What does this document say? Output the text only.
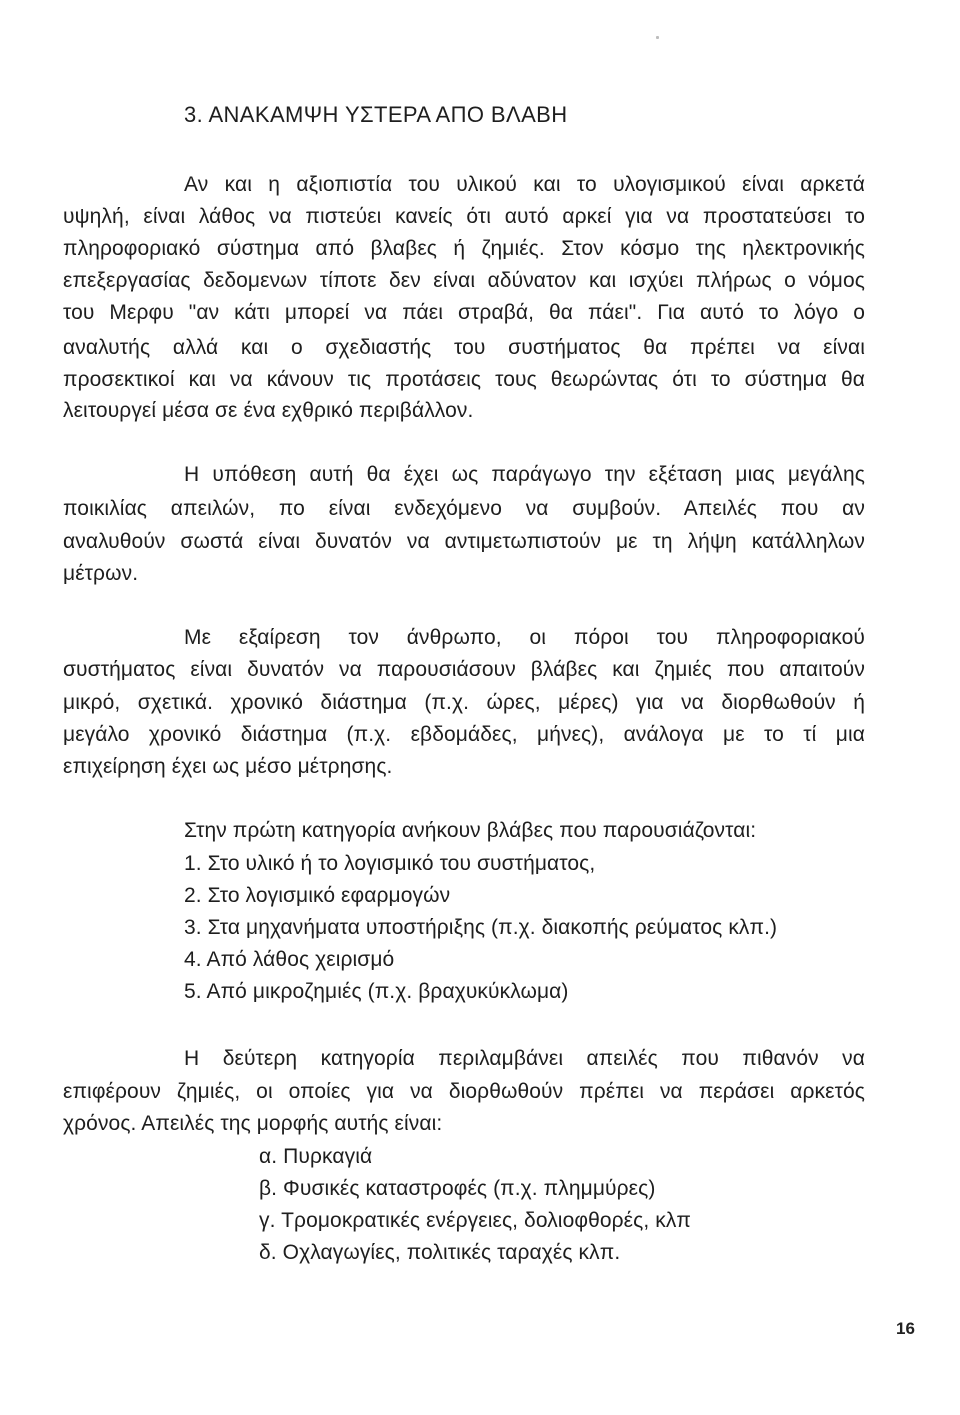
3. ΑΝΑΚΑΜΨΗ ΥΣΤΕΡΑ ΑΠΟ ΒΛΑΒΗ
Αν και η αξιοπιστία του υλικού και το υλογισμικού είναι αρκετά
υψηλή, είναι λάθος να πιστεύει κανείς ότι αυτό αρκεί για να προστατεύσει το
πληροφοριακό σύστημα από βλαβες ή ζημιές. Στον κόσμο της ηλεκτρονικής
επεξεργασίας δεδομενων τίποτε δεν είναι αδύνατον και ισχύει πλήρως ο νόμος
του Μερφυ "αν κάτι μπορεί να πάει στραβά, θα πάει". Για αυτό το λόγο ο
αναλυτής αλλά και ο σχεδιαστής του συστήματος θα πρέπει να είναι
προσεκτικοί και να κάνουν τις προτάσεις τους θεωρώντας ότι το σύστημα θα
λειτουργεί μέσα σε ένα εχθρικό περιβάλλον.
Η υπόθεση αυτή θα έχει ως παράγωγο την εξέταση μιας μεγάλης
ποικιλίας απειλών, πο είναι ενδεχόμενο να συμβούν. Απειλές που αν
αναλυθούν σωστά είναι δυνατόν να αντιμετωπιστούν με τη λήψη κατάλληλων
μέτρων.
Με εξαίρεση τον άνθρωπο, οι πόροι του πληροφοριακού
συστήματος είναι δυνατόν να παρουσιάσουν βλάβες και ζημιές που απαιτούν
μικρό, σχετικά. χρονικό διάστημα (π.χ. ώρες, μέρες) για να διορθωθούν ή
μεγάλο χρονικό διάστημα (π.χ. εβδομάδες, μήνες), ανάλογα με το τί μια
επιχείρηση έχει ως μέσο μέτρησης.
Στην πρώτη κατηγορία ανήκουν βλάβες που παρουσιάζονται:
1. Στο υλικό ή το λογισμικό του συστήματος,
2. Στο λογισμικό εφαρμογών
3. Στα μηχανήματα υποστήριξης (π.χ. διακοπής ρεύματος κλπ.)
4. Από λάθος χειρισμό
5. Από μικροζημιές (π.χ. βραχυκύκλωμα)
Η δεύτερη κατηγορία περιλαμβάνει απειλές που πιθανόν να
επιφέρουν ζημιές, οι οποίες για να διορθωθούν πρέπει να περάσει αρκετός
χρόνος. Απειλές της μορφής αυτής είναι:
α. Πυρκαγιά
β. Φυσικές καταστροφές (π.χ. πλημμύρες)
γ. Τρομοκρατικές ενέργειες, δολιοφθορές, κλπ
δ. Οχλαγωγίες, πολιτικές ταραχές κλπ.
16
